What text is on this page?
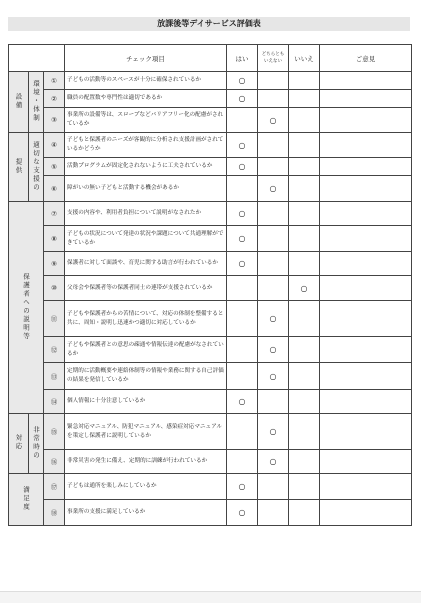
放課後等デイサービス評価表
			チェック項目	はい	どちらともいえない	いいえ	ご意見
設備	環境・体制	①	子どもの活動等のスペースが十分に確保されているか	○			
		②	職員の配置数や専門性は適切であるか	○			
		③	事業所の設備等は、スロープなどバリアフリー化の配慮がされているか		○		
提供	適切な支援の	④	子どもと保護者のニーズが客観的に分析され支援計画がされているかどうか	○			
		⑤	活動プログラムが固定化されないように工夫されているか	○			
		⑥	障がいの無い子どもと活動する機会があるか		○		
保護者への説明等		⑦	支援の内容や、利用者負担について説明がなされたか	○			
		⑧	子どもの状況について発達の状況や課題について共通理解ができているか	○			
		⑨	保護者に対して面談や、育児に関する助言が行われているか	○			
		⑩	父母会や保護者等の保護者同士の連帯が支援されているか			○	
		⑪	子どもや保護者からの苦情について、対応の体制を整備すると共に、周知・説明し迅速かつ適切に対応しているか		○		
		⑫	子どもや保護者との意思の疎通や情報伝達の配慮がなされているか		○		
		⑬	定期的に活動概要や連絡体制等の情報や業務に関する自己評価の結果を発信しているか		○		
		⑭	個人情報に十分注意しているか	○			
対応	非常時の	⑮	緊急対応マニュアル、防犯マニュアル、感染症対応マニュアルを策定し保護者に説明しているか		○		
		⑯	非常災害の発生に備え、定期的に訓練が行われているか		○		
満足度		⑰	子どもは通所を楽しみにしているか	○			
		⑱	事業所の支援に満足しているか	○			
